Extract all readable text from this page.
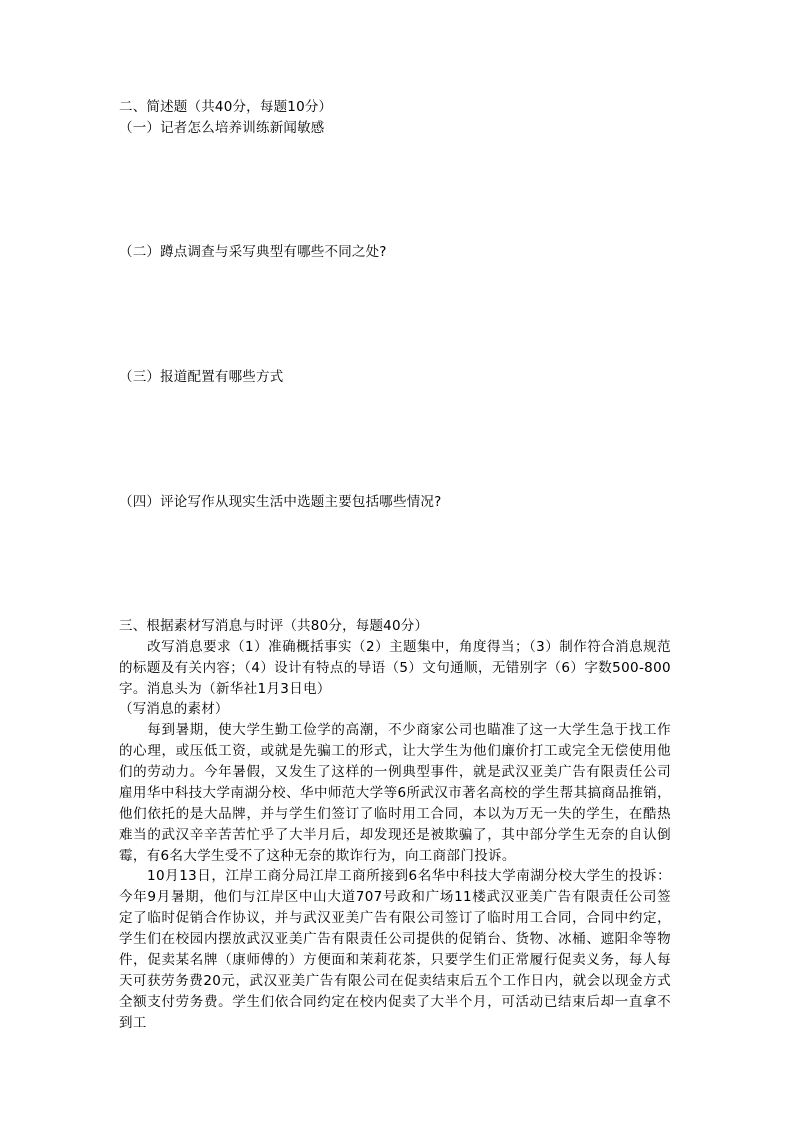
二、简述题（共40分，每题10分）
（一）记者怎么培养训练新闻敏感
（二）蹲点调查与采写典型有哪些不同之处?
（三）报道配置有哪些方式
（四）评论写作从现实生活中选题主要包括哪些情况?
三、根据素材写消息与时评（共80分，每题40分）

改写消息要求（1）准确概括事实（2）主题集中，角度得当；（3）制作符合消息规范的标题及有关内容；（4）设计有特点的导语（5）文句通顺，无错别字（6）字数500-800字。消息头为（新华社1月3日电）

（写消息的素材）

每到暑期，使大学生勤工俭学的高潮，不少商家公司也瞄准了这一大学生急于找工作的心理，或压低工资，或就是先骗工的形式，让大学生为他们廉价打工或完全无偿使用他们的劳动力。今年暑假，又发生了这样的一例典型事件，就是武汉亚美广告有限责任公司雇用华中科技大学南湖分校、华中师范大学等6所武汉市著名高校的学生帮其搞商品推销，他们依托的是大品牌，并与学生们签订了临时用工合同，本以为万无一失的学生，在酷热难当的武汉辛辛苦苦忙乎了大半月后，却发现还是被欺骗了，其中部分学生无奈的自认倒霉，有6名大学生受不了这种无奈的欺诈行为，向工商部门投诉。

10月13日，江岸工商分局江岸工商所接到6名华中科技大学南湖分校大学生的投诉：今年9月暑期，他们与江岸区中山大道707号政和广场11楼武汉亚美广告有限责任公司签定了临时促销合作协议，并与武汉亚美广告有限公司签订了临时用工合同，合同中约定，学生们在校园内摆放武汉亚美广告有限责任公司提供的促销台、货物、冰桶、遮阳伞等物件，促卖某名牌（康师傅的）方便面和茉莉花茶，只要学生们正常履行促卖义务，每人每天可获劳务费20元，武汉亚美广告有限公司在促卖结束后五个工作日内，就会以现金方式全额支付劳务费。学生们依合同约定在校内促卖了大半个月，可活动已结束后却一直拿不到工
